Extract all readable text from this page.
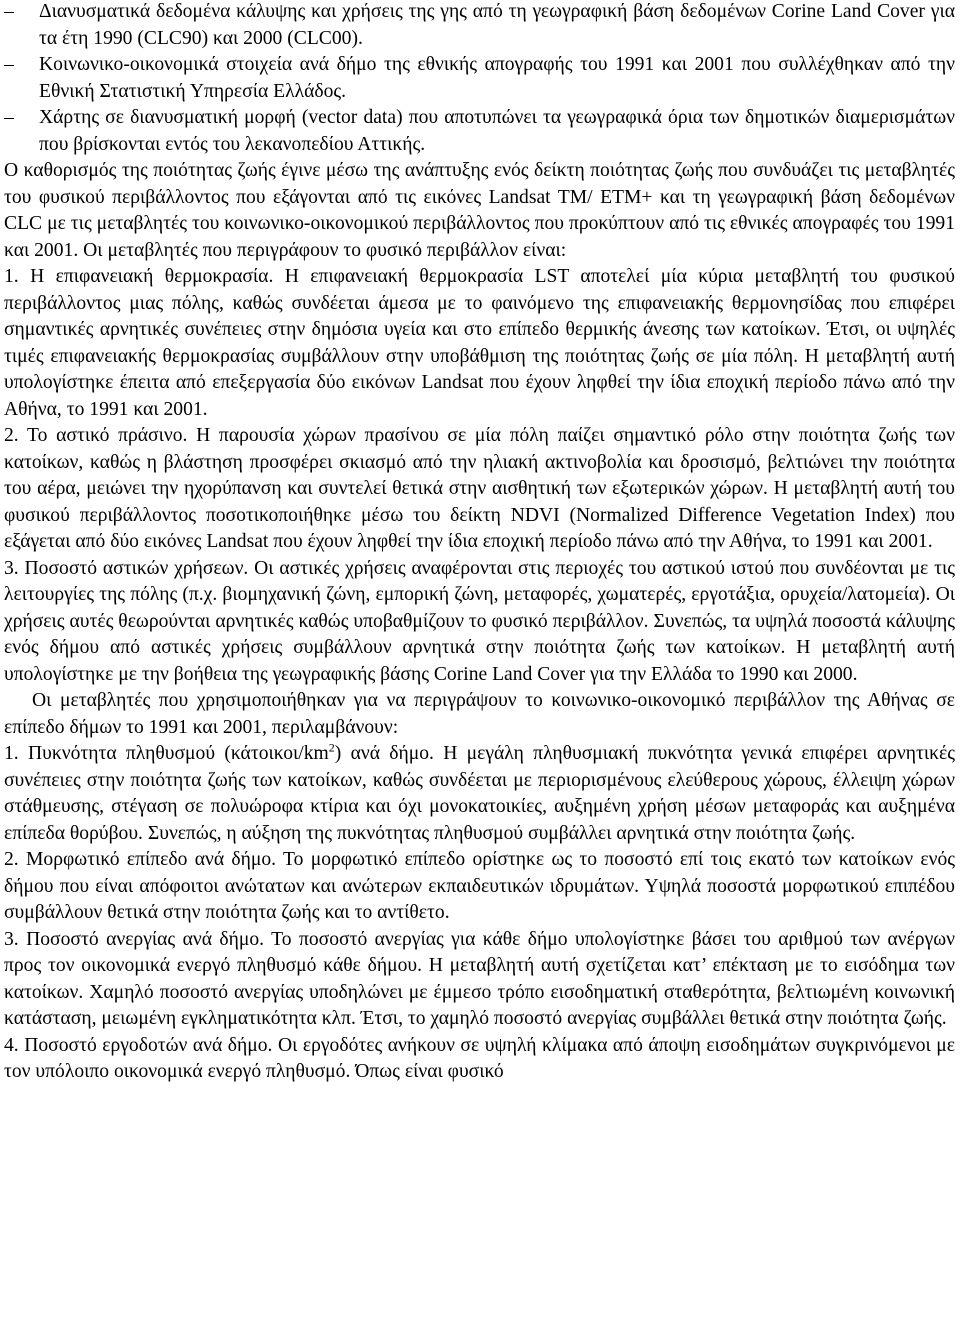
– Διανυσματικά δεδομένα κάλυψης και χρήσεις της γης από τη γεωγραφική βάση δεδομένων Corine Land Cover για τα έτη 1990 (CLC90) και 2000 (CLC00).
– Κοινωνικο-οικονομικά στοιχεία ανά δήμο της εθνικής απογραφής του 1991 και 2001 που συλλέχθηκαν από την Εθνική Στατιστική Υπηρεσία Ελλάδος.
– Χάρτης σε διανυσματική μορφή (vector data) που αποτυπώνει τα γεωγραφικά όρια των δημοτικών διαμερισμάτων που βρίσκονται εντός του λεκανοπεδίου Αττικής.

Ο καθορισμός της ποιότητας ζωής έγινε μέσω της ανάπτυξης ενός δείκτη ποιότητας ζωής που συνδυάζει τις μεταβλητές του φυσικού περιβάλλοντος που εξάγονται από τις εικόνες Landsat TM/ ETM+ και τη γεωγραφική βάση δεδομένων CLC με τις μεταβλητές του κοινωνικο-οικονομικού περιβάλλοντος που προκύπτουν από τις εθνικές απογραφές του 1991 και 2001. Οι μεταβλητές που περιγράφουν το φυσικό περιβάλλον είναι:

1. Η επιφανειακή θερμοκρασία. Η επιφανειακή θερμοκρασία LST αποτελεί μία κύρια μεταβλητή του φυσικού περιβάλλοντος μιας πόλης, καθώς συνδέεται άμεσα με το φαινόμενο της επιφανειακής θερμονησίδας που επιφέρει σημαντικές αρνητικές συνέπειες στην δημόσια υγεία και στο επίπεδο θερμικής άνεσης των κατοίκων. Έτσι, οι υψηλές τιμές επιφανειακής θερμοκρασίας συμβάλλουν στην υποβάθμιση της ποιότητας ζωής σε μία πόλη. Η μεταβλητή αυτή υπολογίστηκε έπειτα από επεξεργασία δύο εικόνων Landsat που έχουν ληφθεί την ίδια εποχική περίοδο πάνω από την Αθήνα, το 1991 και 2001.

2. Το αστικό πράσινο. Η παρουσία χώρων πρασίνου σε μία πόλη παίζει σημαντικό ρόλο στην ποιότητα ζωής των κατοίκων, καθώς η βλάστηση προσφέρει σκιασμό από την ηλιακή ακτινοβολία και δροσισμό, βελτιώνει την ποιότητα του αέρα, μειώνει την ηχορύπανση και συντελεί θετικά στην αισθητική των εξωτερικών χώρων. Η μεταβλητή αυτή του φυσικού περιβάλλοντος ποσοτικοποιήθηκε μέσω του δείκτη NDVI (Normalized Difference Vegetation Index) που εξάγεται από δύο εικόνες Landsat που έχουν ληφθεί την ίδια εποχική περίοδο πάνω από την Αθήνα, το 1991 και 2001.

3. Ποσοστό αστικών χρήσεων. Οι αστικές χρήσεις αναφέρονται στις περιοχές του αστικού ιστού που συνδέονται με τις λειτουργίες της πόλης (π.χ. βιομηχανική ζώνη, εμπορική ζώνη, μεταφορές, χωματερές, εργοτάξια, ορυχεία/λατομεία). Οι χρήσεις αυτές θεωρούνται αρνητικές καθώς υποβαθμίζουν το φυσικό περιβάλλον. Συνεπώς, τα υψηλά ποσοστά κάλυψης ενός δήμου από αστικές χρήσεις συμβάλλουν αρνητικά στην ποιότητα ζωής των κατοίκων. Η μεταβλητή αυτή υπολογίστηκε με την βοήθεια της γεωγραφικής βάσης Corine Land Cover για την Ελλάδα το 1990 και 2000.

Οι μεταβλητές που χρησιμοποιήθηκαν για να περιγράψουν το κοινωνικο-οικονομικό περιβάλλον της Αθήνας σε επίπεδο δήμων το 1991 και 2001, περιλαμβάνουν:

1. Πυκνότητα πληθυσμού $(\kappa ά\tau o\iota\kappa o\iota/km^2)$ ανά δήμο. Η μεγάλη πληθυσμιακή πυκνότητα γενικά επιφέρει αρνητικές συνέπειες στην ποιότητα ζωής των κατοίκων, καθώς συνδέεται με περιορισμένους ελεύθερους χώρους, έλλειψη χώρων στάθμευσης, στέγαση σε πολυώροφα κτίρια και όχι μονοκατοικίες, αυξημένη χρήση μέσων μεταφοράς και αυξημένα επίπεδα θορύβου. Συνεπώς, η αύξηση της πυκνότητας πληθυσμού συμβάλλει αρνητικά στην ποιότητα ζωής.

2. Μορφωτικό επίπεδο ανά δήμο. Το μορφωτικό επίπεδο ορίστηκε ως το ποσοστό επί τοις εκατό των κατοίκων ενός δήμου που είναι απόφοιτοι ανώτατων και ανώτερων εκπαιδευτικών ιδρυμάτων. Υψηλά ποσοστά μορφωτικού επιπέδου συμβάλλουν θετικά στην ποιότητα ζωής και το αντίθετο.

3. Ποσοστό ανεργίας ανά δήμο. Το ποσοστό ανεργίας για κάθε δήμο υπολογίστηκε βάσει του αριθμού των ανέργων προς τον οικονομικά ενεργό πληθυσμό κάθε δήμου. Η μεταβλητή αυτή σχετίζεται κατ’ επέκταση με το εισόδημα των κατοίκων. Χαμηλό ποσοστό ανεργίας υποδηλώνει με έμμεσο τρόπο εισοδηματική σταθερότητα, βελτιωμένη κοινωνική κατάσταση, μειωμένη εγκληματικότητα κλπ. Έτσι, το χαμηλό ποσοστό ανεργίας συμβάλλει θετικά στην ποιότητα ζωής.

4. Ποσοστό εργοδοτών ανά δήμο. Οι εργοδότες ανήκουν σε υψηλή κλίμακα από άποψη εισοδημάτων συγκρινόμενοι με τον υπόλοιπο οικονομικά ενεργό πληθυσμό. Όπως είναι φυσικό
